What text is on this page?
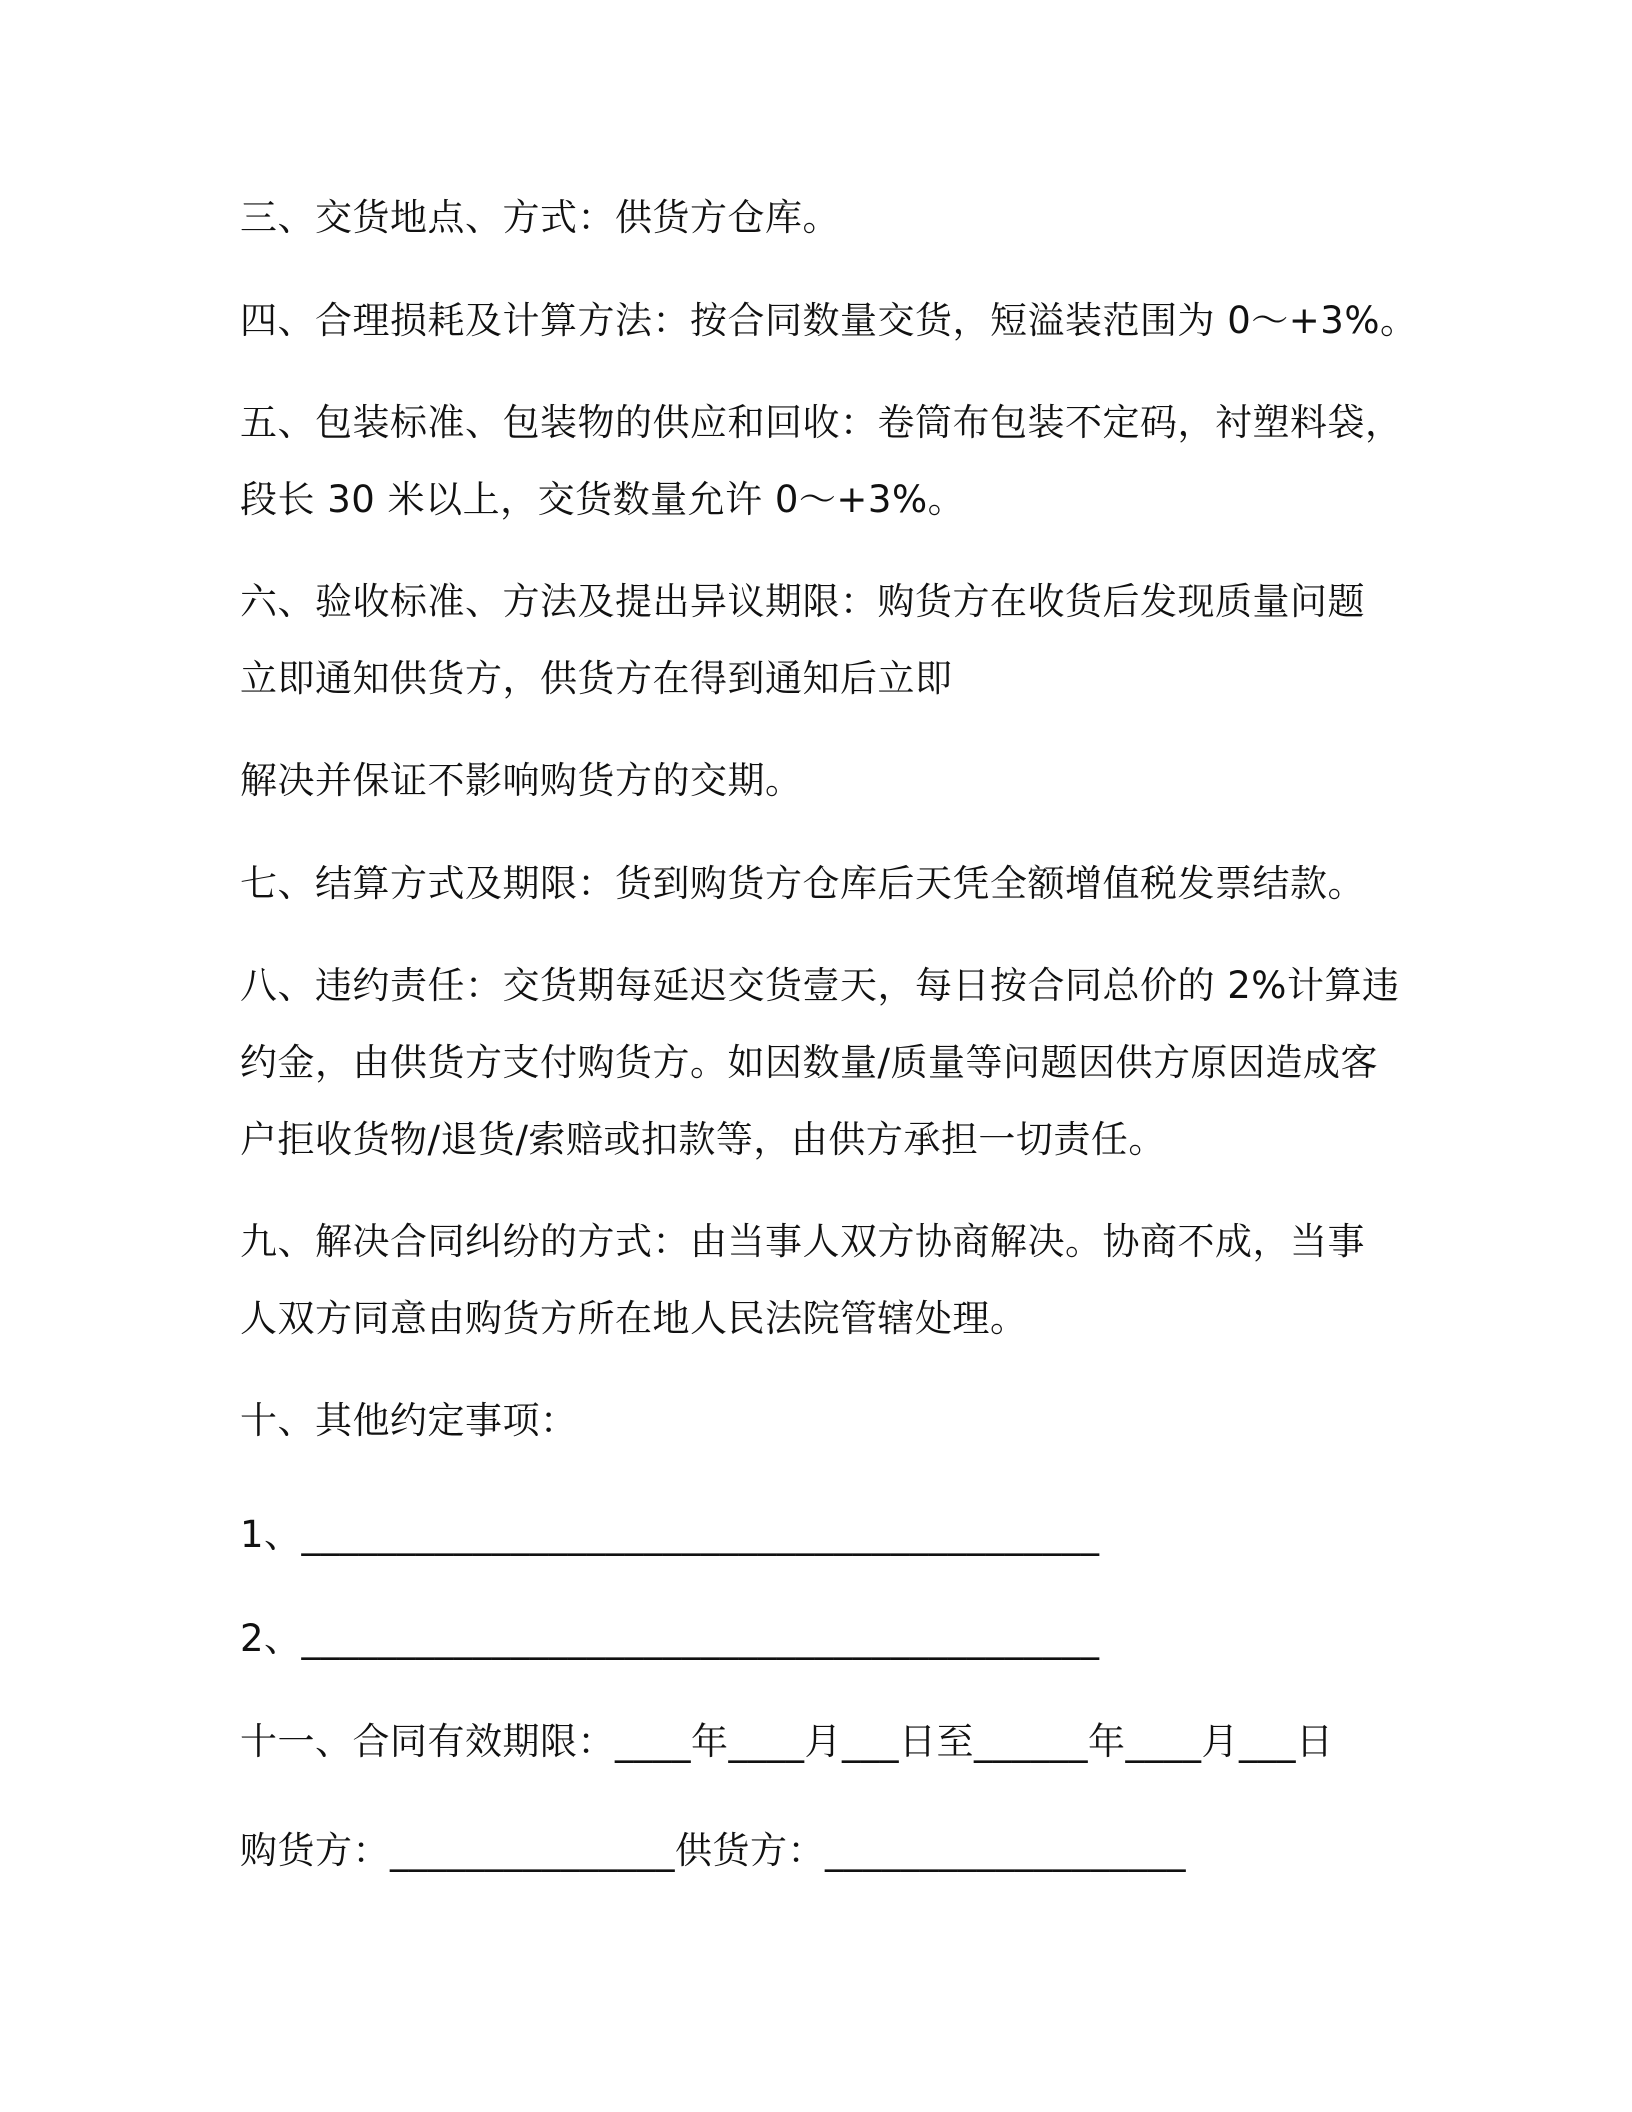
三、交货地点、方式：供货方仓库。
四、合理损耗及计算方法：按合同数量交货，短溢装范围为 0～+3%。
五、包装标准、包装物的供应和回收：卷筒布包装不定码，衬塑料袋，
段长 30 米以上，交货数量允许 0～+3%。
六、验收标准、方法及提出异议期限：购货方在收货后发现质量问题
立即通知供货方，供货方在得到通知后立即
解决并保证不影响购货方的交期。
七、结算方式及期限：货到购货方仓库后天凭全额增值税发票结款。
八、违约责任：交货期每延迟交货壹天，每日按合同总价的 2%计算违
约金，由供货方支付购货方。如因数量/质量等问题因供方原因造成客
户拒收货物/退货/索赔或扣款等，由供方承担一切责任。
九、解决合同纠纷的方式：由当事人双方协商解决。协商不成，当事
人双方同意由购货方所在地人民法院管辖处理。
十、其他约定事项：
1、__________________________________________
2、__________________________________________
十一、合同有效期限：____年____月___日至______年____月___日
购货方：_______________供货方：___________________
